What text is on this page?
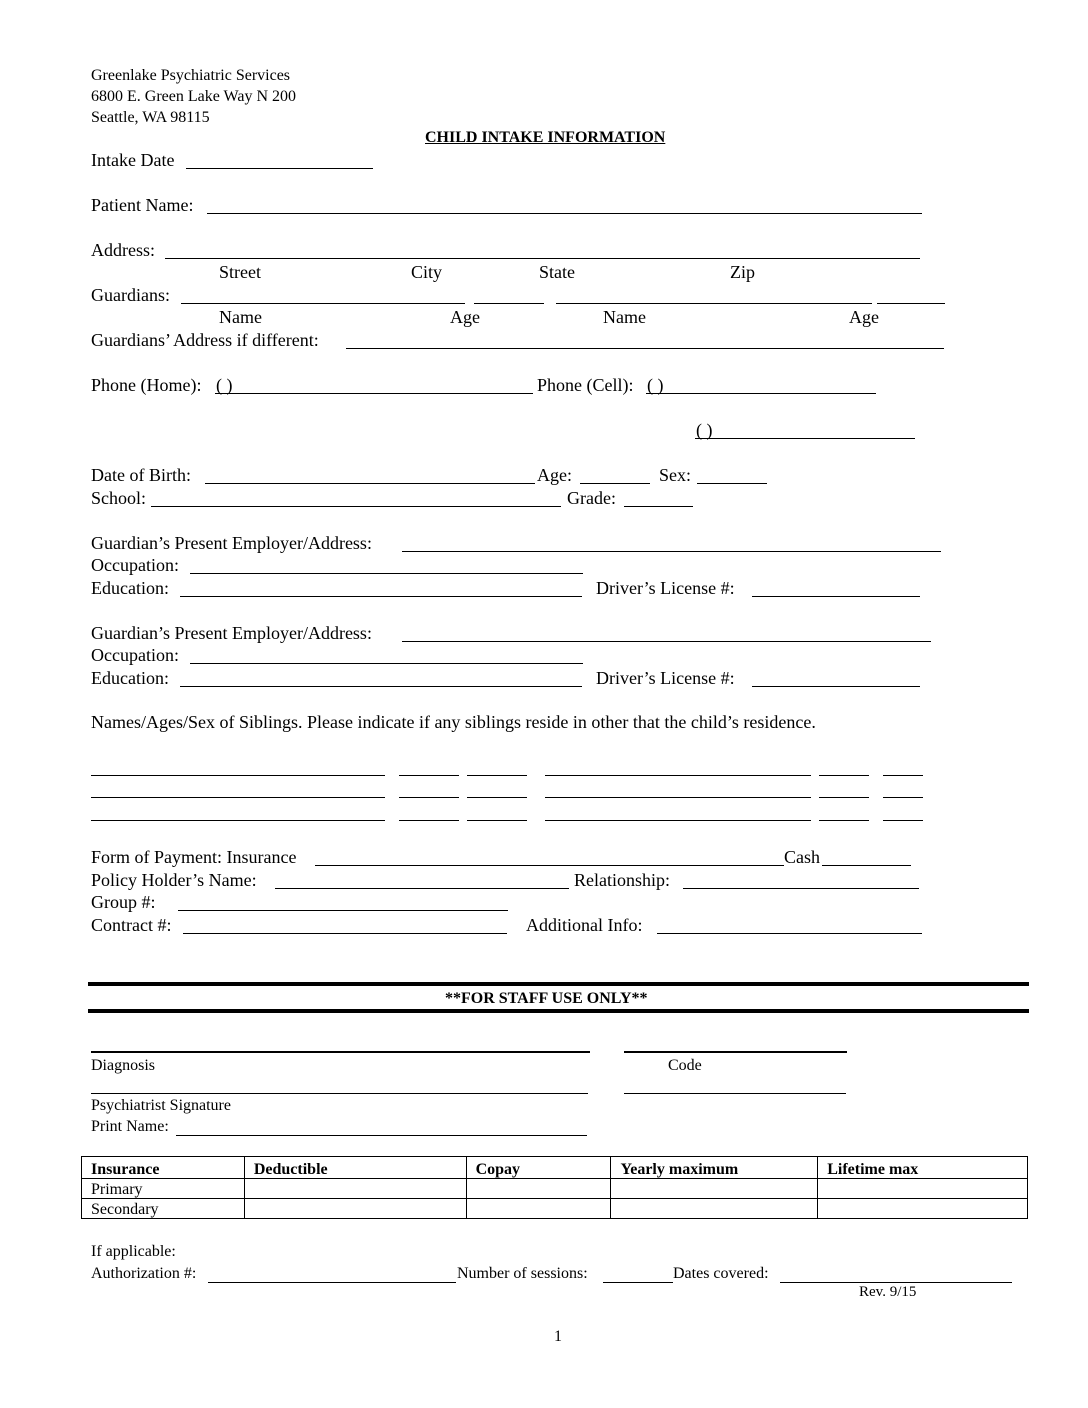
Greenlake Psychiatric Services
6800 E. Green Lake Way N 200
Seattle, WA 98115
CHILD INTAKE INFORMATION
Intake Date
Patient Name:
Address:
Street	City	State	Zip
Guardians:
Name	Age	Name	Age
Guardians’ Address if different:
Phone (Home): ( )	Phone (Cell): ( )
( )
Date of Birth:	Age:	Sex:
School:	Grade:
Guardian’s Present Employer/Address:
Occupation:
Education:	Driver’s License #:
Guardian’s Present Employer/Address:
Occupation:
Education:	Driver’s License #:
Names/Ages/Sex of Siblings. Please indicate if any siblings reside in other that the child’s residence.
Form of Payment: Insurance	Cash
Policy Holder’s Name:	Relationship:
Group #:
Contract #:	Additional Info:
**FOR STAFF USE ONLY**
Diagnosis	Code
Psychiatrist Signature
Print Name:
Insurance	Deductible	Copay	Yearly maximum	Lifetime max
Primary				
Secondary				
If applicable:
Authorization #:	Number of sessions:	Dates covered:
Rev. 9/15
1
